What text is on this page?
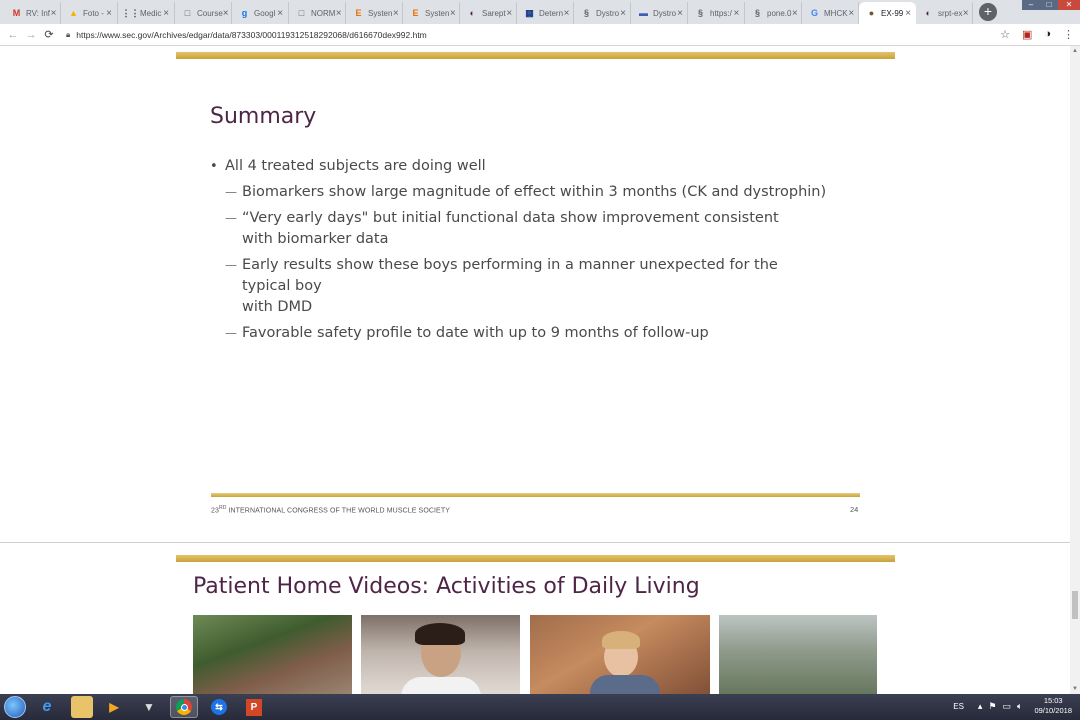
M RV: Inf × ▲ Foto - × ⋮⋮ Medic ×	□ Course ×	g Googl ×	□ NORM × E Systen × E Systen ×	◐ Sarept × ▦ Detern ×	§ Dystro × ▬ Dystro ×	§ https:/ ×	§ pone.0 × G MHCK ×	● EX-99 ×	◐ srpt-ex ×	+	–	□	✕
← → ⟳	🔒︎ https://www.sec.gov/Archives/edgar/data/873303/000119312518292068/d616670dex992.htm	☆ ▣ ◑ ⋮
Summary
• All 4 treated subjects are doing well
— Biomarkers show large magnitude of effect within 3 months (CK and dystrophin)
— “Very early days" but initial functional data show improvement consistent
with biomarker data
— Early results show these boys performing in a manner unexpected for the typical boy
with DMD
— Favorable safety profile to date with up to 9 months of follow-up
23RD INTERNATIONAL CONGRESS OF THE WORLD MUSCLE SOCIETY	24
Patient Home Videos: Activities of Daily Living
▲
▼
e	▶	▼	⇆	P	ES ▴ ⚑ ▭ 🔈︎	15:03
09/10/2018
